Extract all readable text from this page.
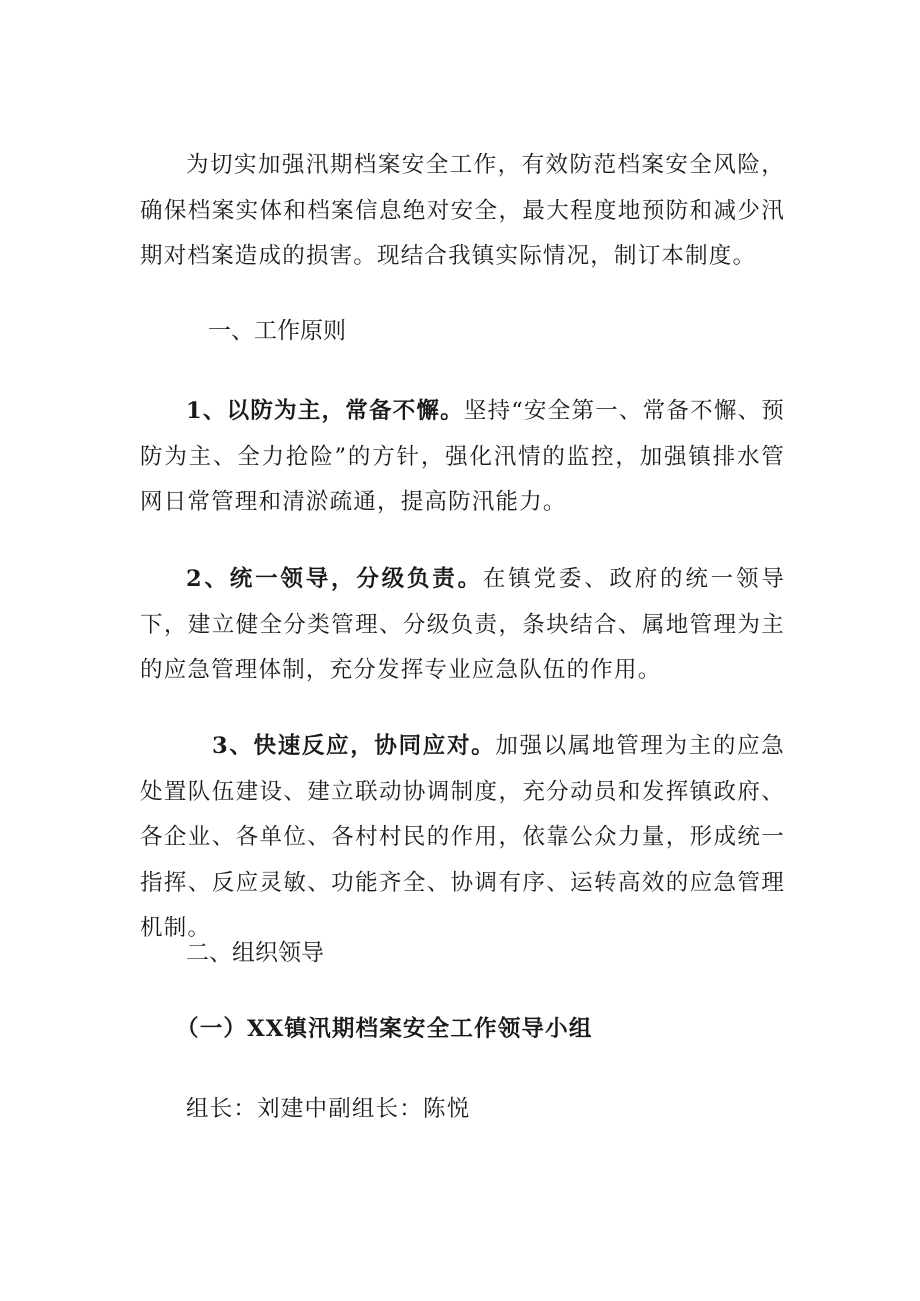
为切实加强汛期档案安全工作，有效防范档案安全风险，确保档案实体和档案信息绝对安全，最大程度地预防和减少汛期对档案造成的损害。现结合我镇实际情况，制订本制度。

一、工作原则

1、以防为主，常备不懈。坚持“安全第一、常备不懈、预防为主、全力抢险”的方针，强化汛情的监控，加强镇排水管网日常管理和清淤疏通，提高防汛能力。

2、统一领导，分级负责。在镇党委、政府的统一领导下，建立健全分类管理、分级负责，条块结合、属地管理为主的应急管理体制，充分发挥专业应急队伍的作用。

3、快速反应，协同应对。加强以属地管理为主的应急处置队伍建设、建立联动协调制度，充分动员和发挥镇政府、各企业、各单位、各村村民的作用，依靠公众力量，形成统一指挥、反应灵敏、功能齐全、协调有序、运转高效的应急管理机制。

二、组织领导

（一）XX镇汛期档案安全工作领导小组

组长：刘建中副组长：陈悦
